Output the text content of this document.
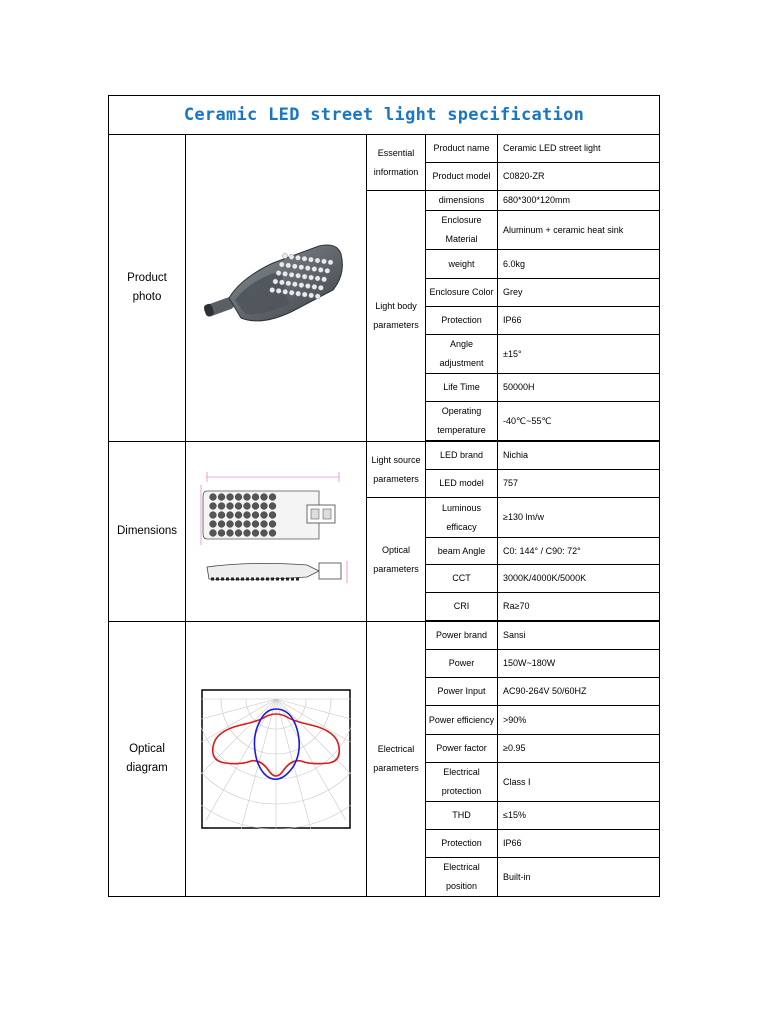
Ceramic LED street light specification				
Product photo		Essential information	Product name	Ceramic LED street light
			Product model	C0820-ZR
		Light body parameters	dimensions	680*300*120mm
			Enclosure Material	Aluminum + ceramic heat sink
			weight	6.0kg
			Enclosure Color	Grey
			Protection	IP66
			Angle adjustment	±15°
			Life Time	50000H
			Operating temperature	-40℃~55℃

Dimensions		Light source parameters	LED brand	Nichia
			LED model	757
		Optical parameters	Luminous efficacy	≥130 lm/w
			beam Angle	C0: 144° / C90: 72°
			CCT	3000K/4000K/5000K
			CRI	Ra≥70

Optical diagram		Electrical parameters	Power brand	Sansi
			Power	150W~180W
			Power Input	AC90-264V 50/60HZ
			Power efficiency	>90%
			Power factor	≥0.95
			Electrical protection	Class I
			THD	≤15%
			Protection	IP66
			Electrical position	Built-in
